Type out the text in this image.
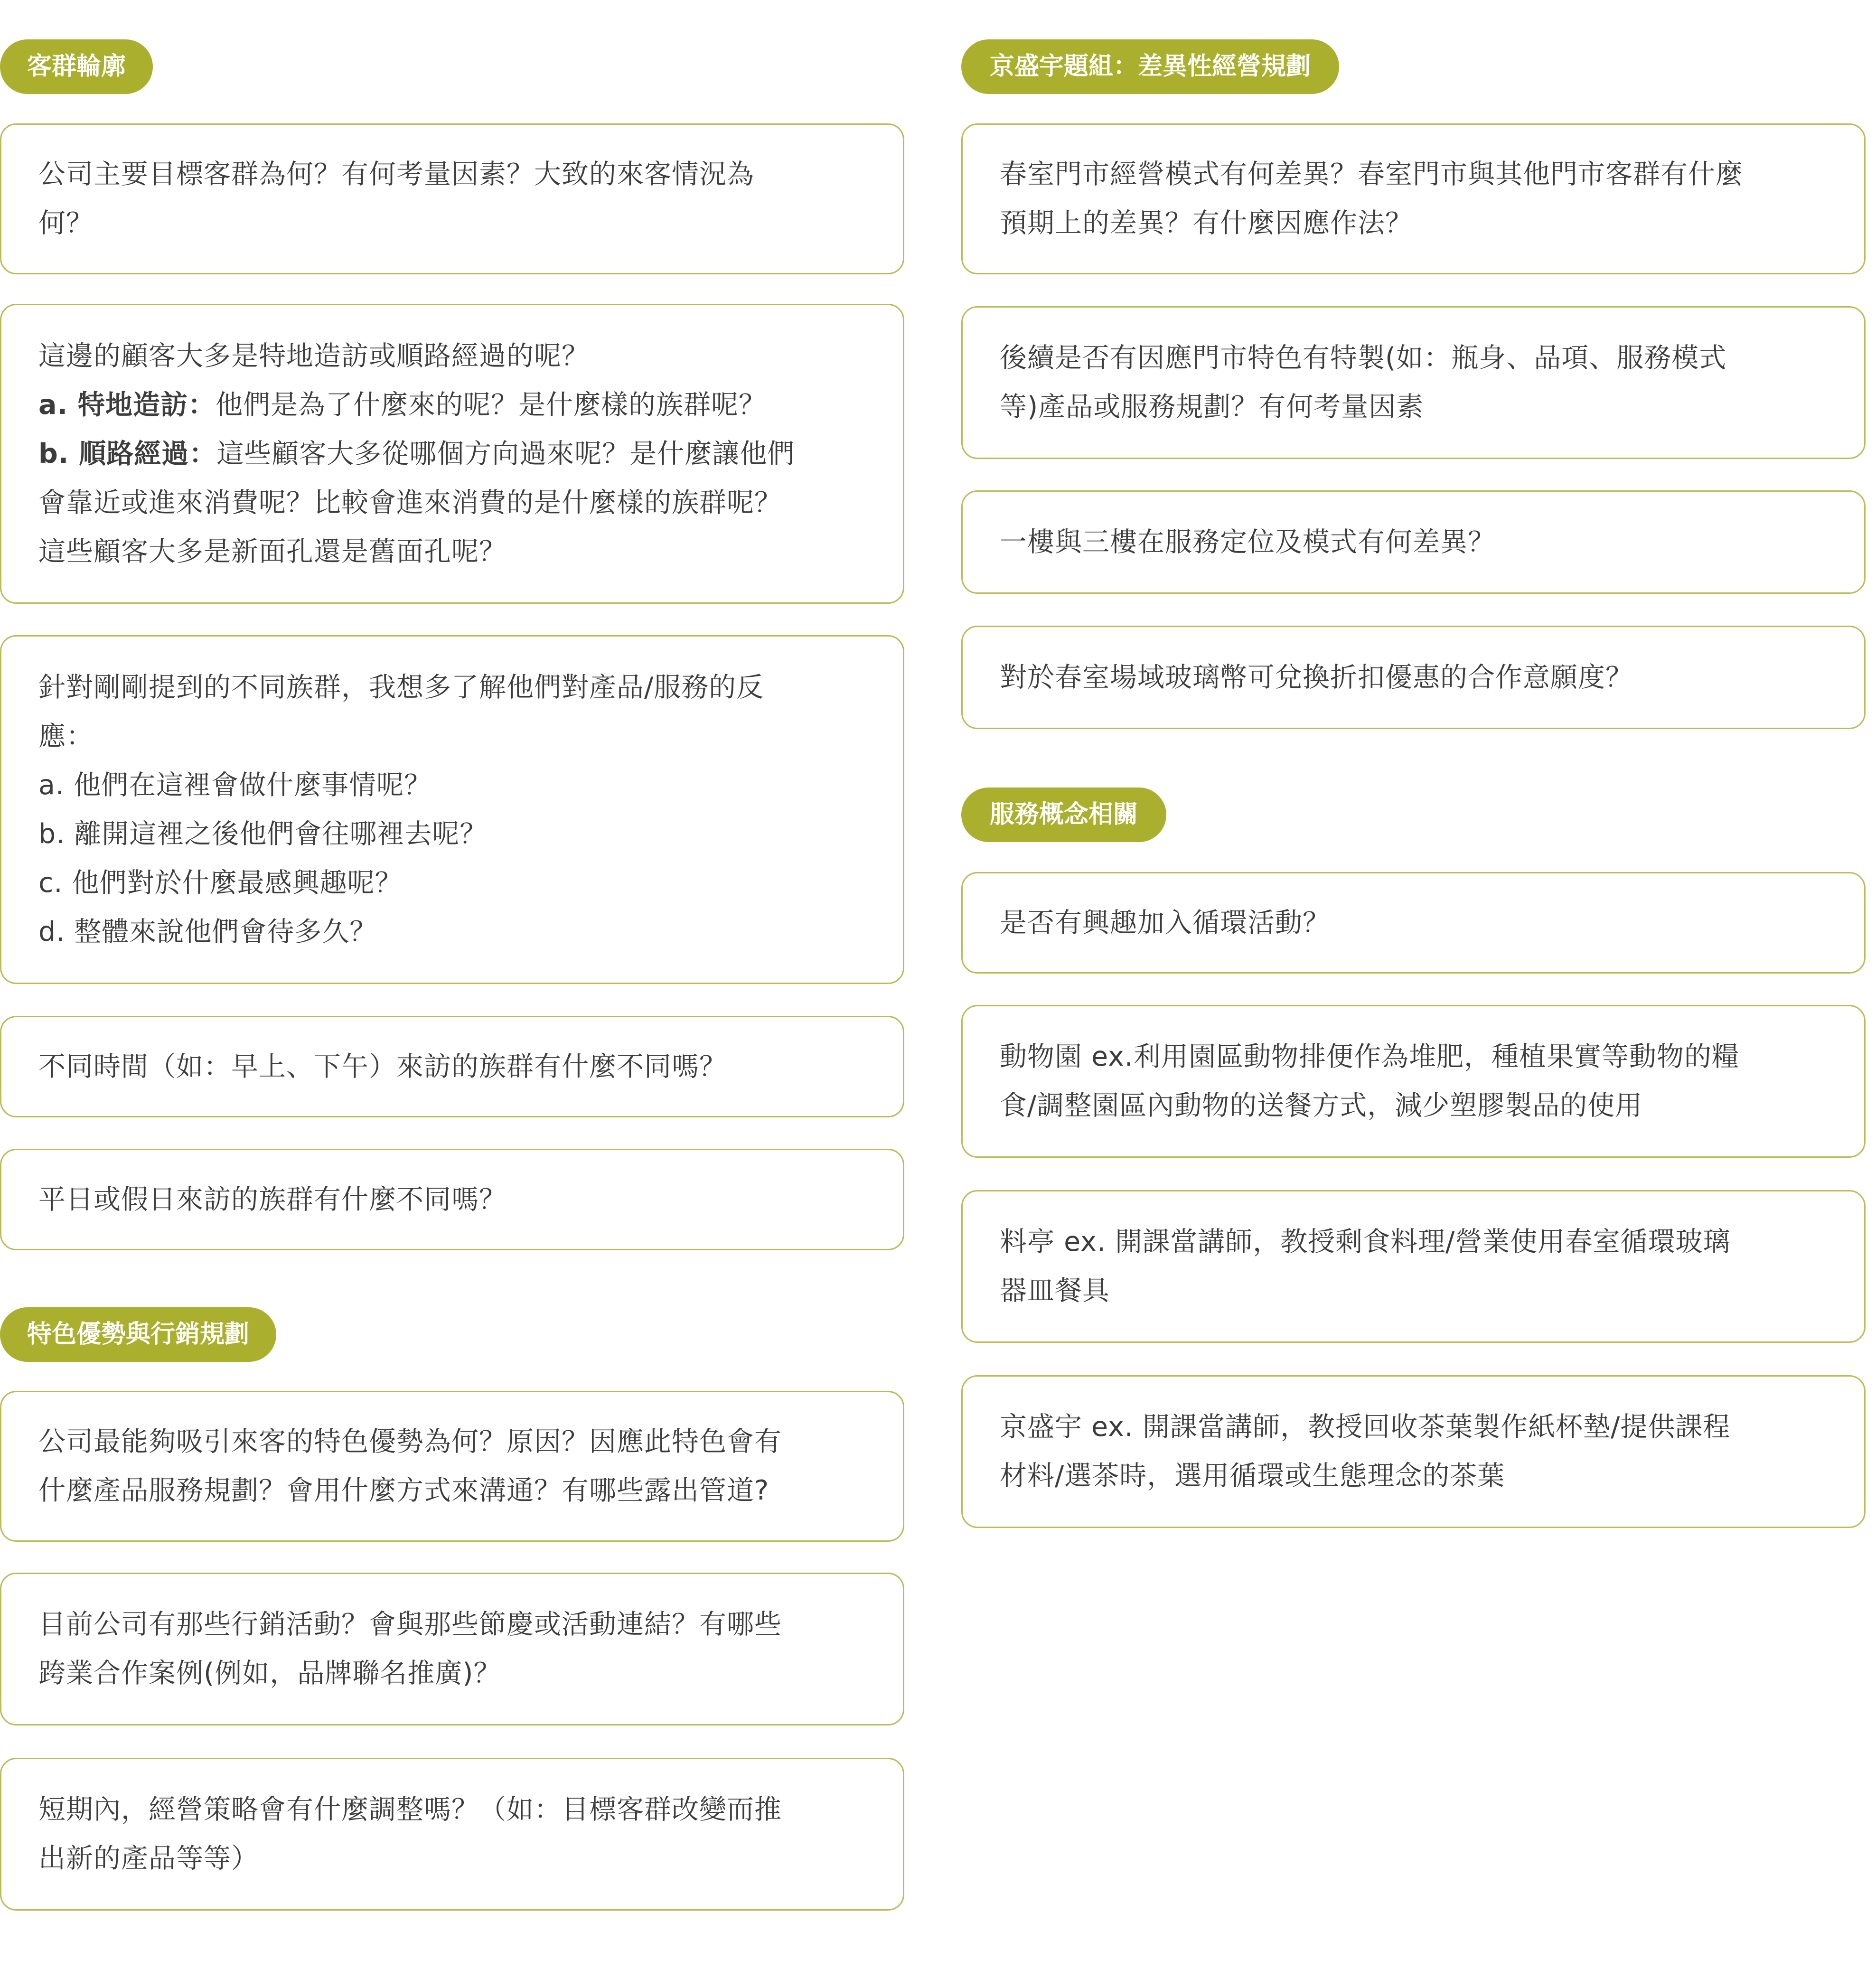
客群輪廓
公司主要目標客群為何？有何考量因素？大致的來客情況為
何？
這邊的顧客大多是特地造訪或順路經過的呢？
a. 特地造訪：他們是為了什麼來的呢？是什麼樣的族群呢？
b. 順路經過：這些顧客大多從哪個方向過來呢？是什麼讓他們
會靠近或進來消費呢？比較會進來消費的是什麼樣的族群呢？
這些顧客大多是新面孔還是舊面孔呢？
針對剛剛提到的不同族群，我想多了解他們對產品/服務的反
應：
a. 他們在這裡會做什麼事情呢？
b. 離開這裡之後他們會往哪裡去呢？
c. 他們對於什麼最感興趣呢？
d. 整體來說他們會待多久？
不同時間（如：早上、下午）來訪的族群有什麼不同嗎？
平日或假日來訪的族群有什麼不同嗎？
特色優勢與行銷規劃
公司最能夠吸引來客的特色優勢為何？原因？因應此特色會有
什麼產品服務規劃？會用什麼方式來溝通？有哪些露出管道?
目前公司有那些行銷活動？會與那些節慶或活動連結？有哪些
跨業合作案例(例如，品牌聯名推廣)？
短期內，經營策略會有什麼調整嗎？（如：目標客群改變而推
出新的產品等等）
京盛宇題組：差異性經營規劃
春室門市經營模式有何差異？春室門市與其他門市客群有什麼
預期上的差異？有什麼因應作法？
後續是否有因應門市特色有特製(如：瓶身、品項、服務模式
等)產品或服務規劃？有何考量因素
一樓與三樓在服務定位及模式有何差異？
對於春室場域玻璃幣可兌換折扣優惠的合作意願度？
服務概念相關
是否有興趣加入循環活動？
動物園 ex.利用園區動物排便作為堆肥，種植果實等動物的糧
食/調整園區內動物的送餐方式，減少塑膠製品的使用
料亭 ex. 開課當講師，教授剩食料理/營業使用春室循環玻璃
器皿餐具
京盛宇 ex. 開課當講師，教授回收茶葉製作紙杯墊/提供課程
材料/選茶時，選用循環或生態理念的茶葉
